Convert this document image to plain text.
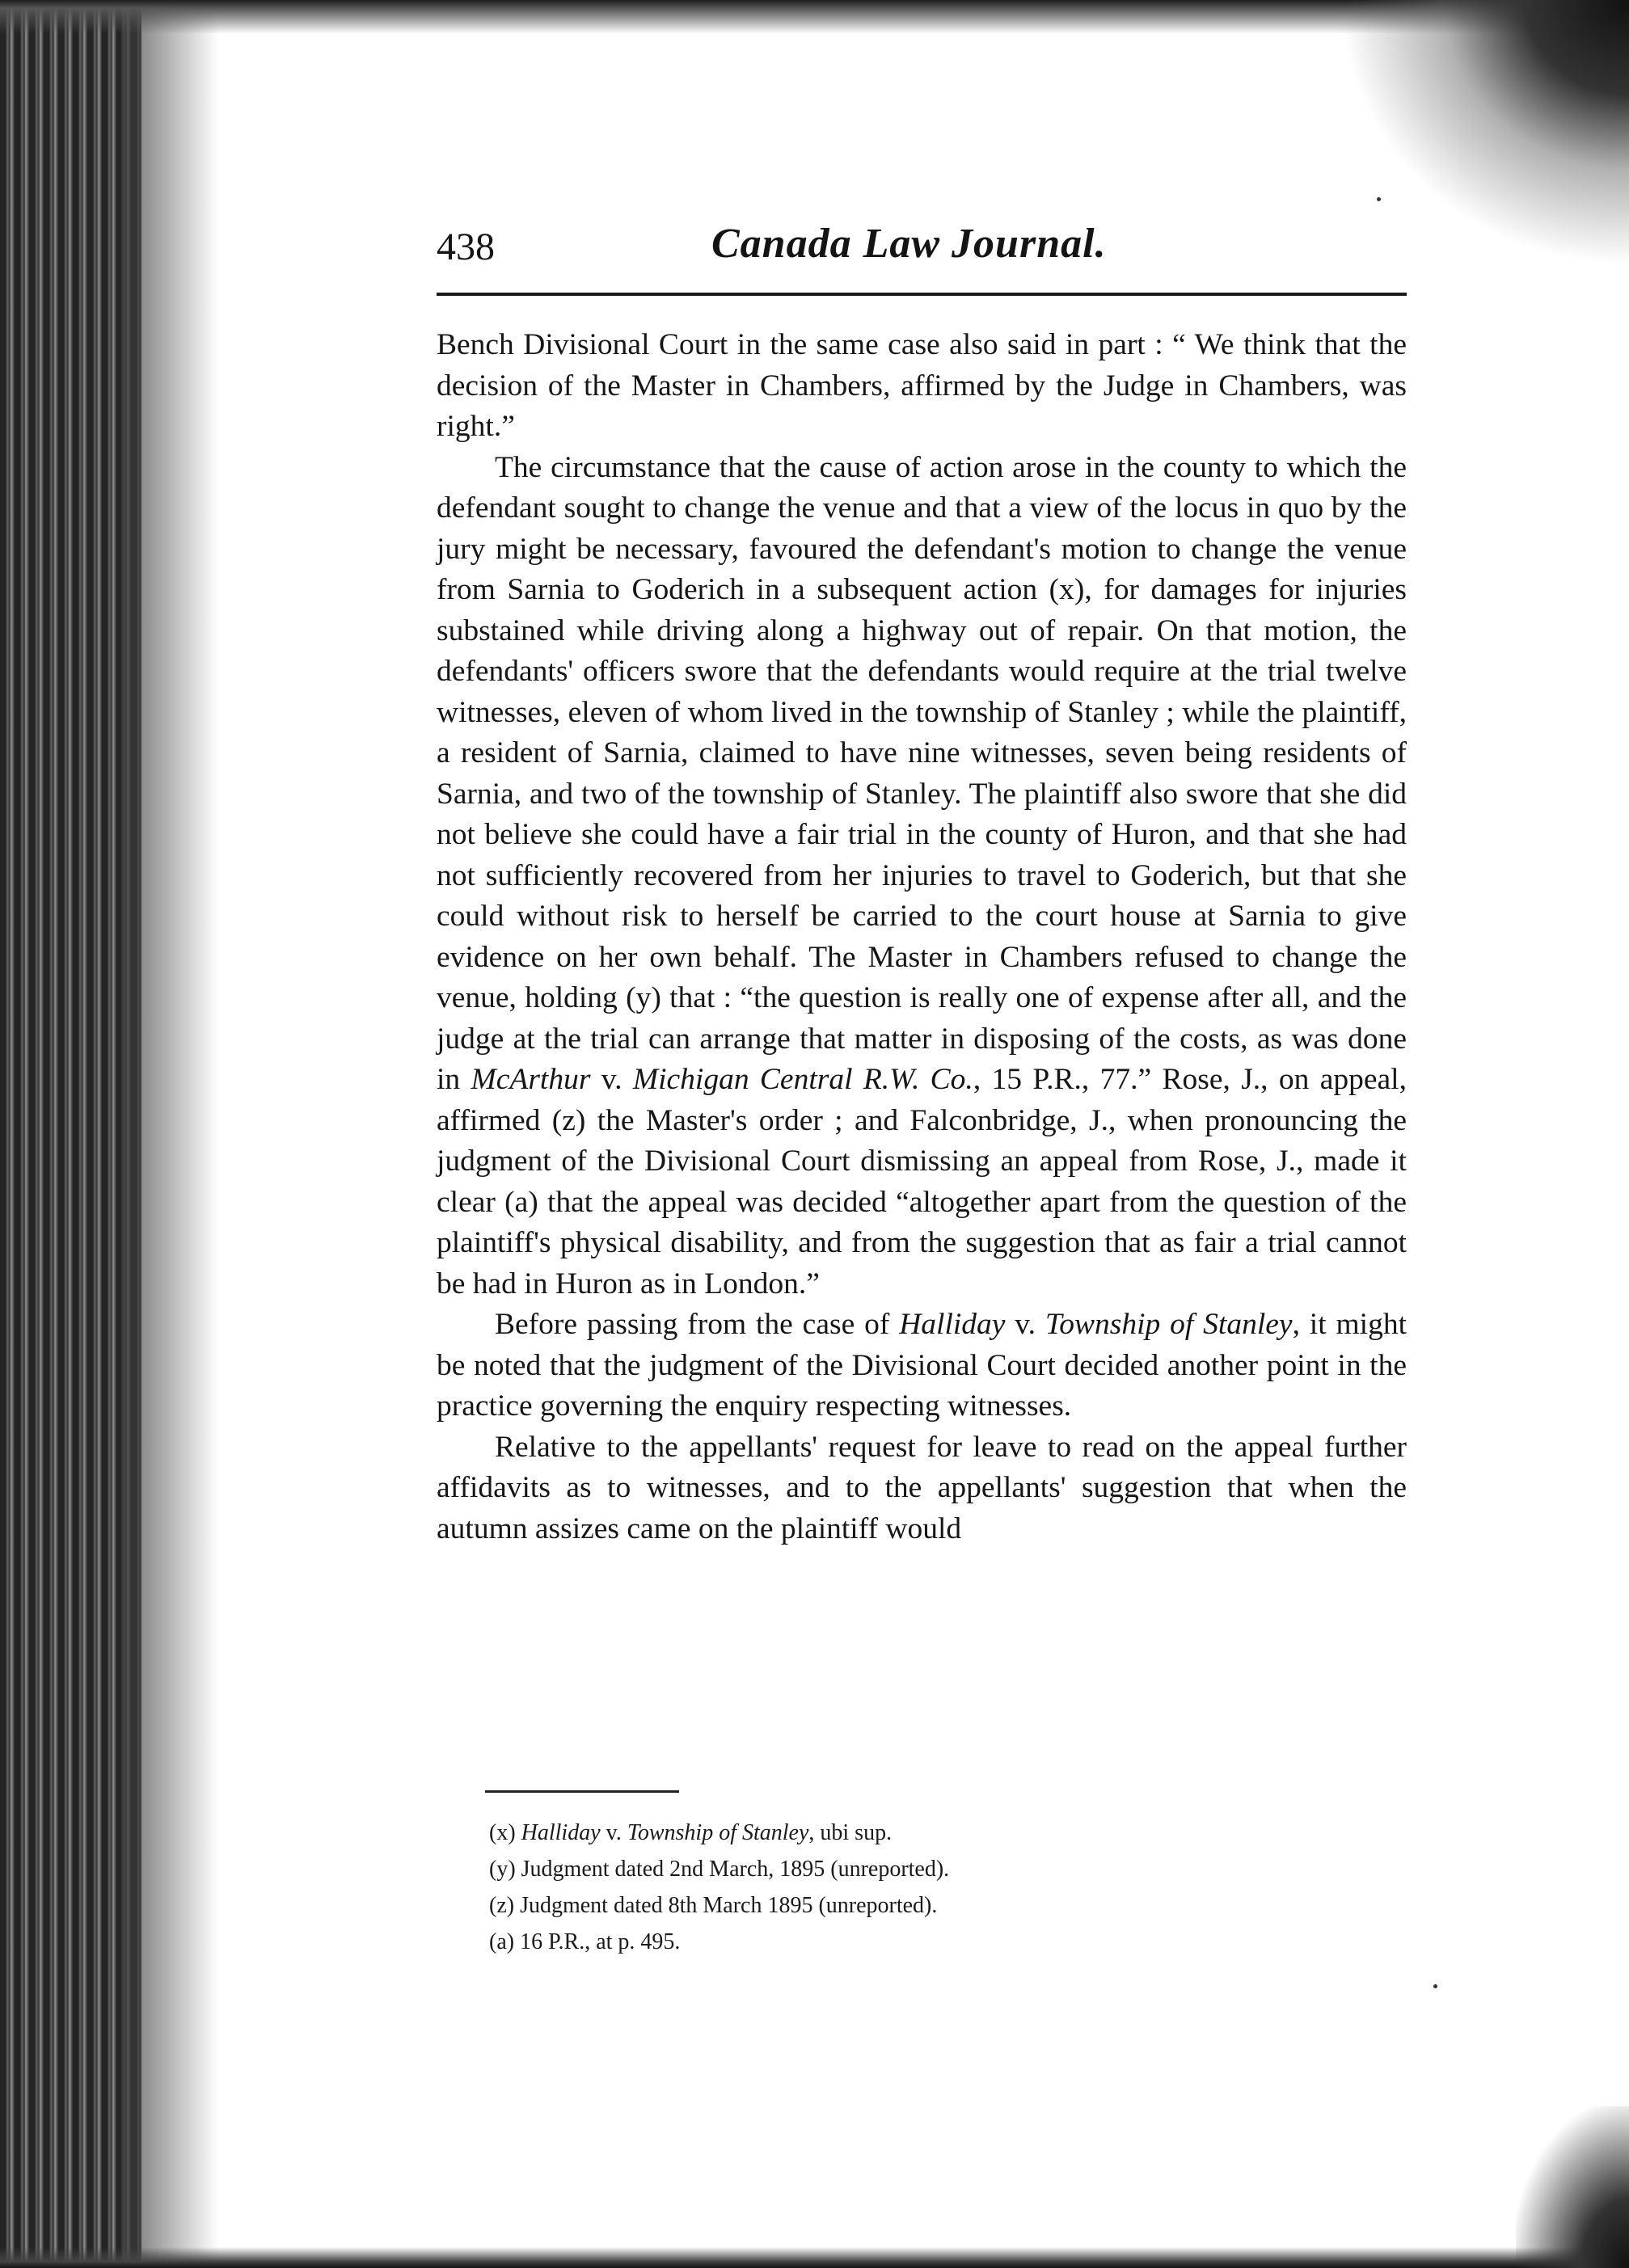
438	Canada Law Journal.

Bench Divisional Court in the same case also said in part : “ We think that the decision of the Master in Chambers, affirmed by the Judge in Chambers, was right.”

The circumstance that the cause of action arose in the county to which the defendant sought to change the venue and that a view of the locus in quo by the jury might be necessary, favoured the defendant's motion to change the venue from Sarnia to Goderich in a subsequent action (x), for damages for injuries substained while driving along a highway out of repair. On that motion, the defendants' officers swore that the defendants would require at the trial twelve witnesses, eleven of whom lived in the township of Stanley ; while the plaintiff, a resident of Sarnia, claimed to have nine witnesses, seven being residents of Sarnia, and two of the township of Stanley. The plaintiff also swore that she did not believe she could have a fair trial in the county of Huron, and that she had not sufficiently recovered from her injuries to travel to Goderich, but that she could without risk to herself be carried to the court house at Sarnia to give evidence on her own behalf. The Master in Chambers refused to change the venue, holding (y) that : “the question is really one of expense after all, and the judge at the trial can arrange that matter in disposing of the costs, as was done in McArthur v. Michigan Central R.W. Co., 15 P.R., 77.” Rose, J., on appeal, affirmed (z) the Master's order ; and Falconbridge, J., when pronouncing the judgment of the Divisional Court dismissing an appeal from Rose, J., made it clear (a) that the appeal was decided “altogether apart from the question of the plaintiff's physical disability, and from the suggestion that as fair a trial cannot be had in Huron as in London.”

Before passing from the case of Halliday v. Township of Stanley, it might be noted that the judgment of the Divisional Court decided another point in the practice governing the enquiry respecting witnesses.

Relative to the appellants' request for leave to read on the appeal further affidavits as to witnesses, and to the appellants' suggestion that when the autumn assizes came on the plaintiff would

(x) Halliday v. Township of Stanley, ubi sup.
(y) Judgment dated 2nd March, 1895 (unreported).
(z) Judgment dated 8th March 1895 (unreported).
(a) 16 P.R., at p. 495.
